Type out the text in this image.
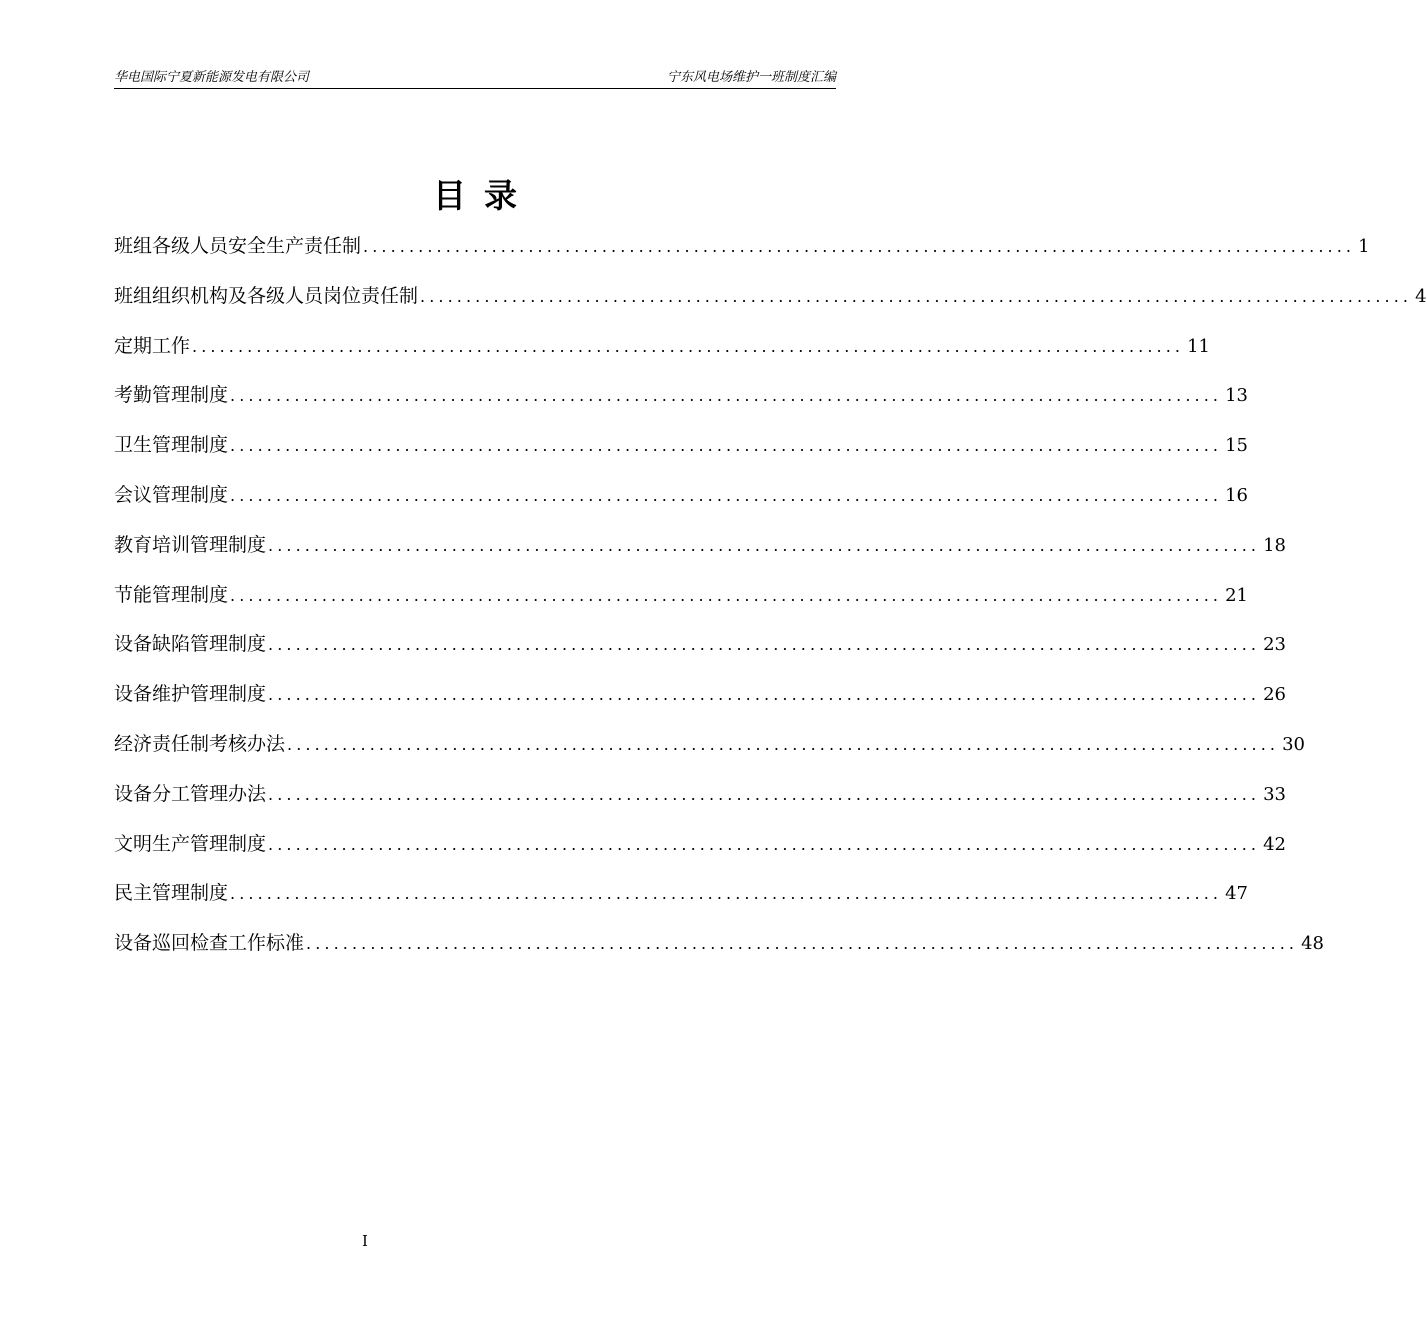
华电国际宁夏新能源发电有限公司	宁东风电场维护一班制度汇编
目录
班组各级人员安全生产责任制 ............................................................................................................ 1
班组组织机构及各级人员岗位责任制 ............................................................................................................ 4
定期工作 ............................................................................................................ 11
考勤管理制度 ............................................................................................................ 13
卫生管理制度 ............................................................................................................ 15
会议管理制度 ............................................................................................................ 16
教育培训管理制度 ............................................................................................................ 18
节能管理制度 ............................................................................................................ 21
设备缺陷管理制度 ............................................................................................................ 23
设备维护管理制度 ............................................................................................................ 26
经济责任制考核办法 ............................................................................................................ 30
设备分工管理办法 ............................................................................................................ 33
文明生产管理制度 ............................................................................................................ 42
民主管理制度 ............................................................................................................ 47
设备巡回检查工作标准 ............................................................................................................ 48
I
